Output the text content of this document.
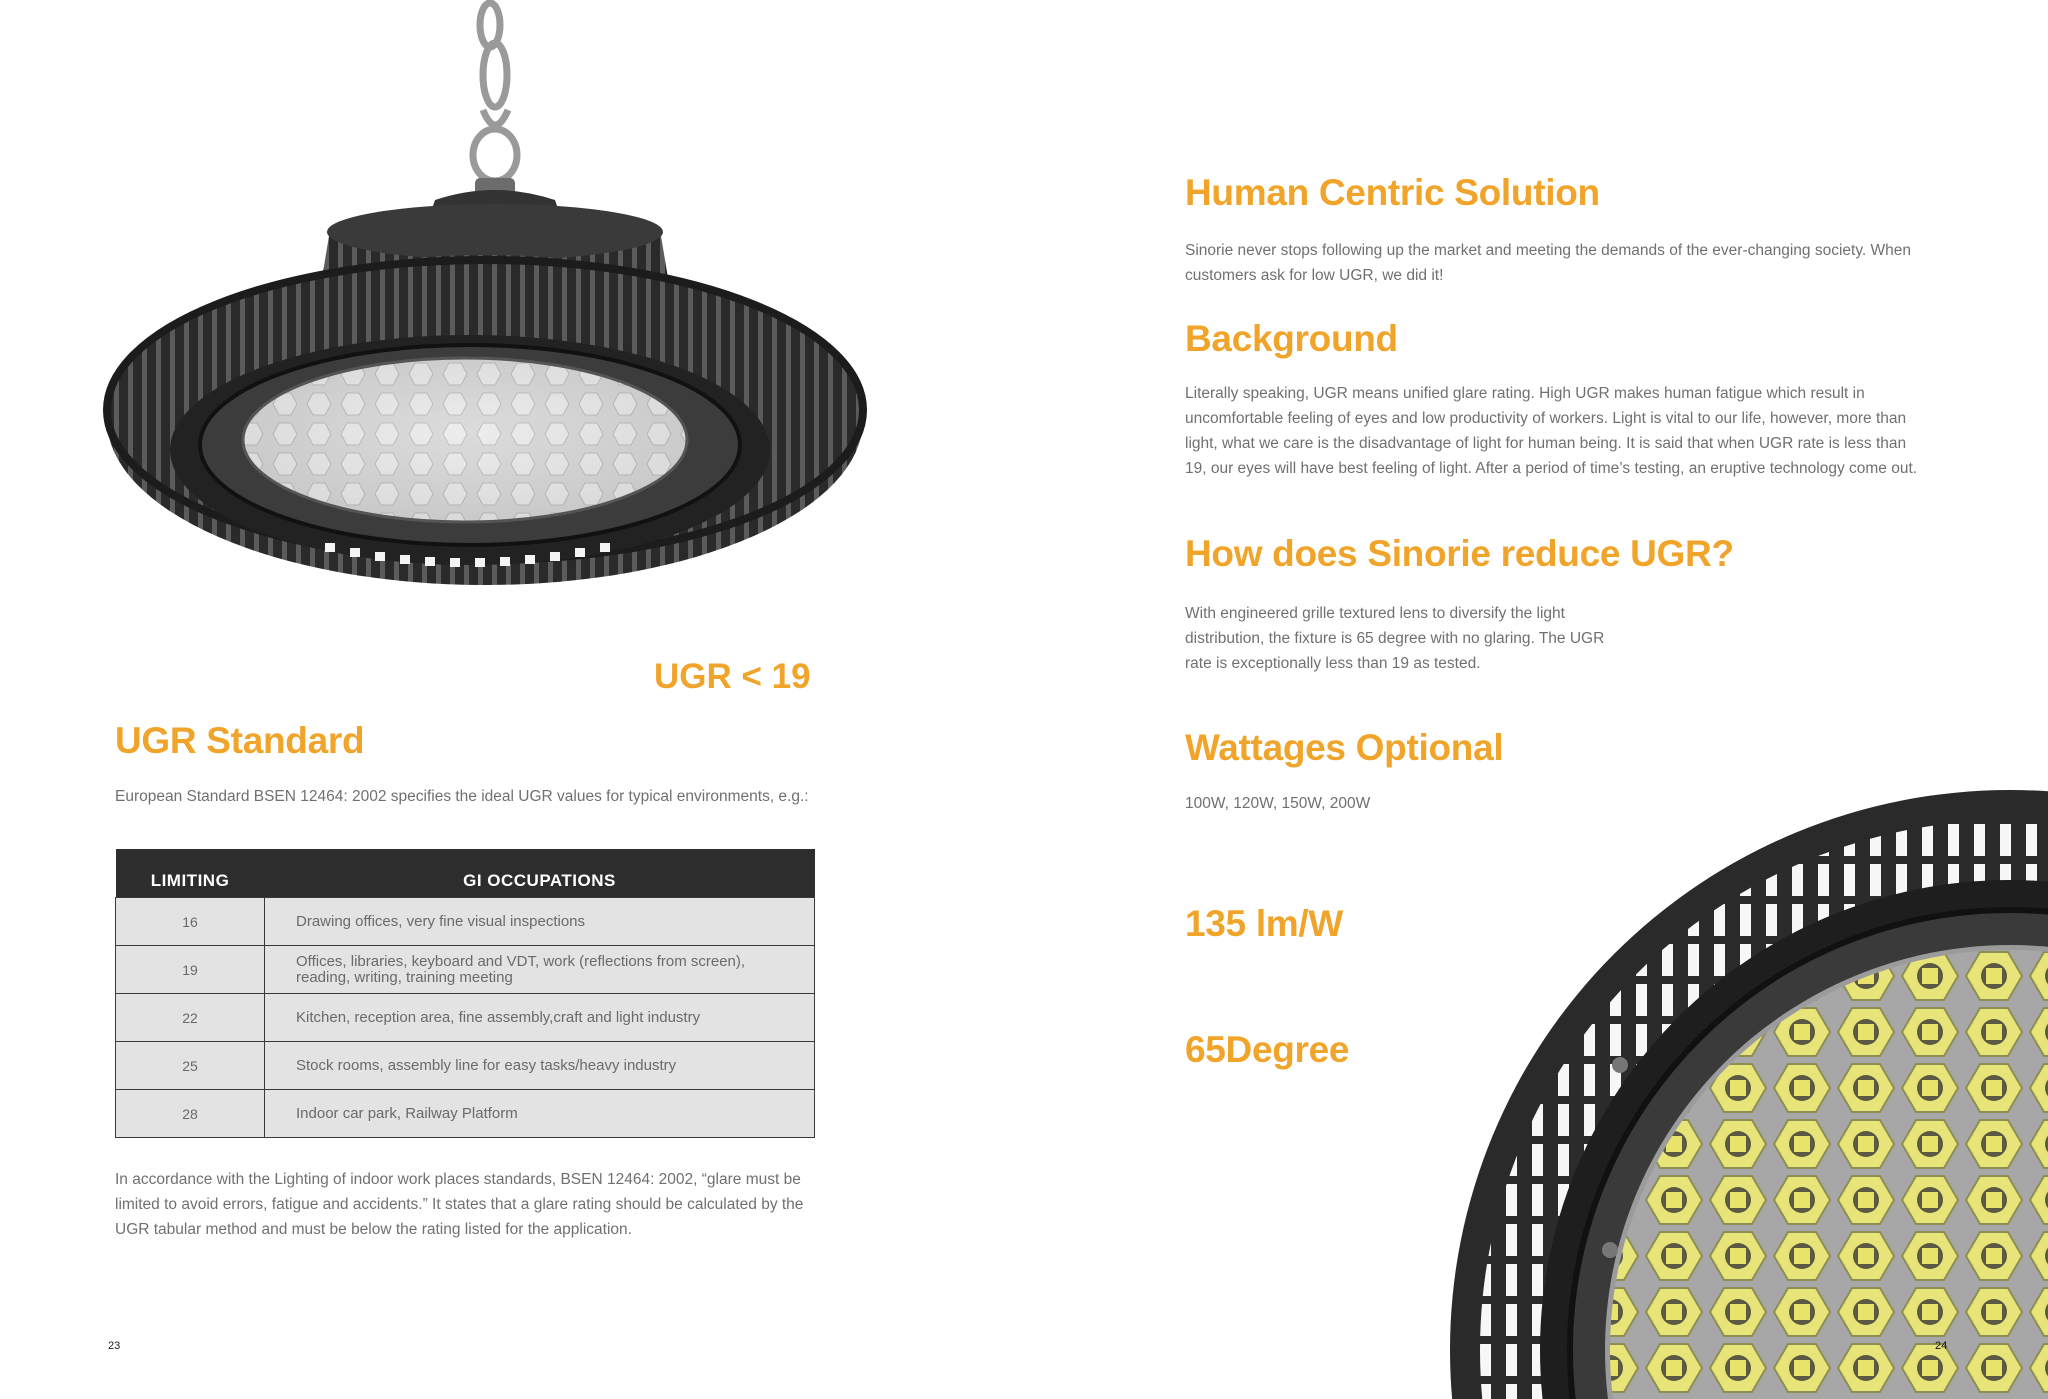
UGR < 19
UGR Standard
European Standard BSEN 12464: 2002 specifies the ideal UGR values for typical environments, e.g.:
LIMITING	GI OCCUPATIONS
16	Drawing offices, very fine visual inspections
19	Offices, libraries, keyboard and VDT, work (reflections from screen), reading, writing, training meeting
22	Kitchen, reception area, fine assembly,craft and light industry
25	Stock rooms, assembly line for easy tasks/heavy industry
28	Indoor car park, Railway Platform
In accordance with the Lighting of indoor work places standards, BSEN 12464: 2002, “glare must be limited to avoid errors, fatigue and accidents.” It states that a glare rating should be calculated by the UGR tabular method and must be below the rating listed for the application.
23
Human Centric Solution
Sinorie never stops following up the market and meeting the demands of the ever-changing society. When customers ask for low UGR, we did it!
Background
Literally speaking, UGR means unified glare rating. High UGR makes human fatigue which result in uncomfortable feeling of eyes and low productivity of workers. Light is vital to our life, however, more than light, what we care is the disadvantage of light for human being. It is said that when UGR rate is less than 19, our eyes will have best feeling of light. After a period of time’s testing, an eruptive technology come out.
How does Sinorie reduce UGR?
With engineered grille textured lens to diversify the light distribution, the fixture is 65 degree with no glaring. The UGR rate is exceptionally less than 19 as tested.
Wattages Optional
100W, 120W, 150W, 200W
135 lm/W
65Degree
24
